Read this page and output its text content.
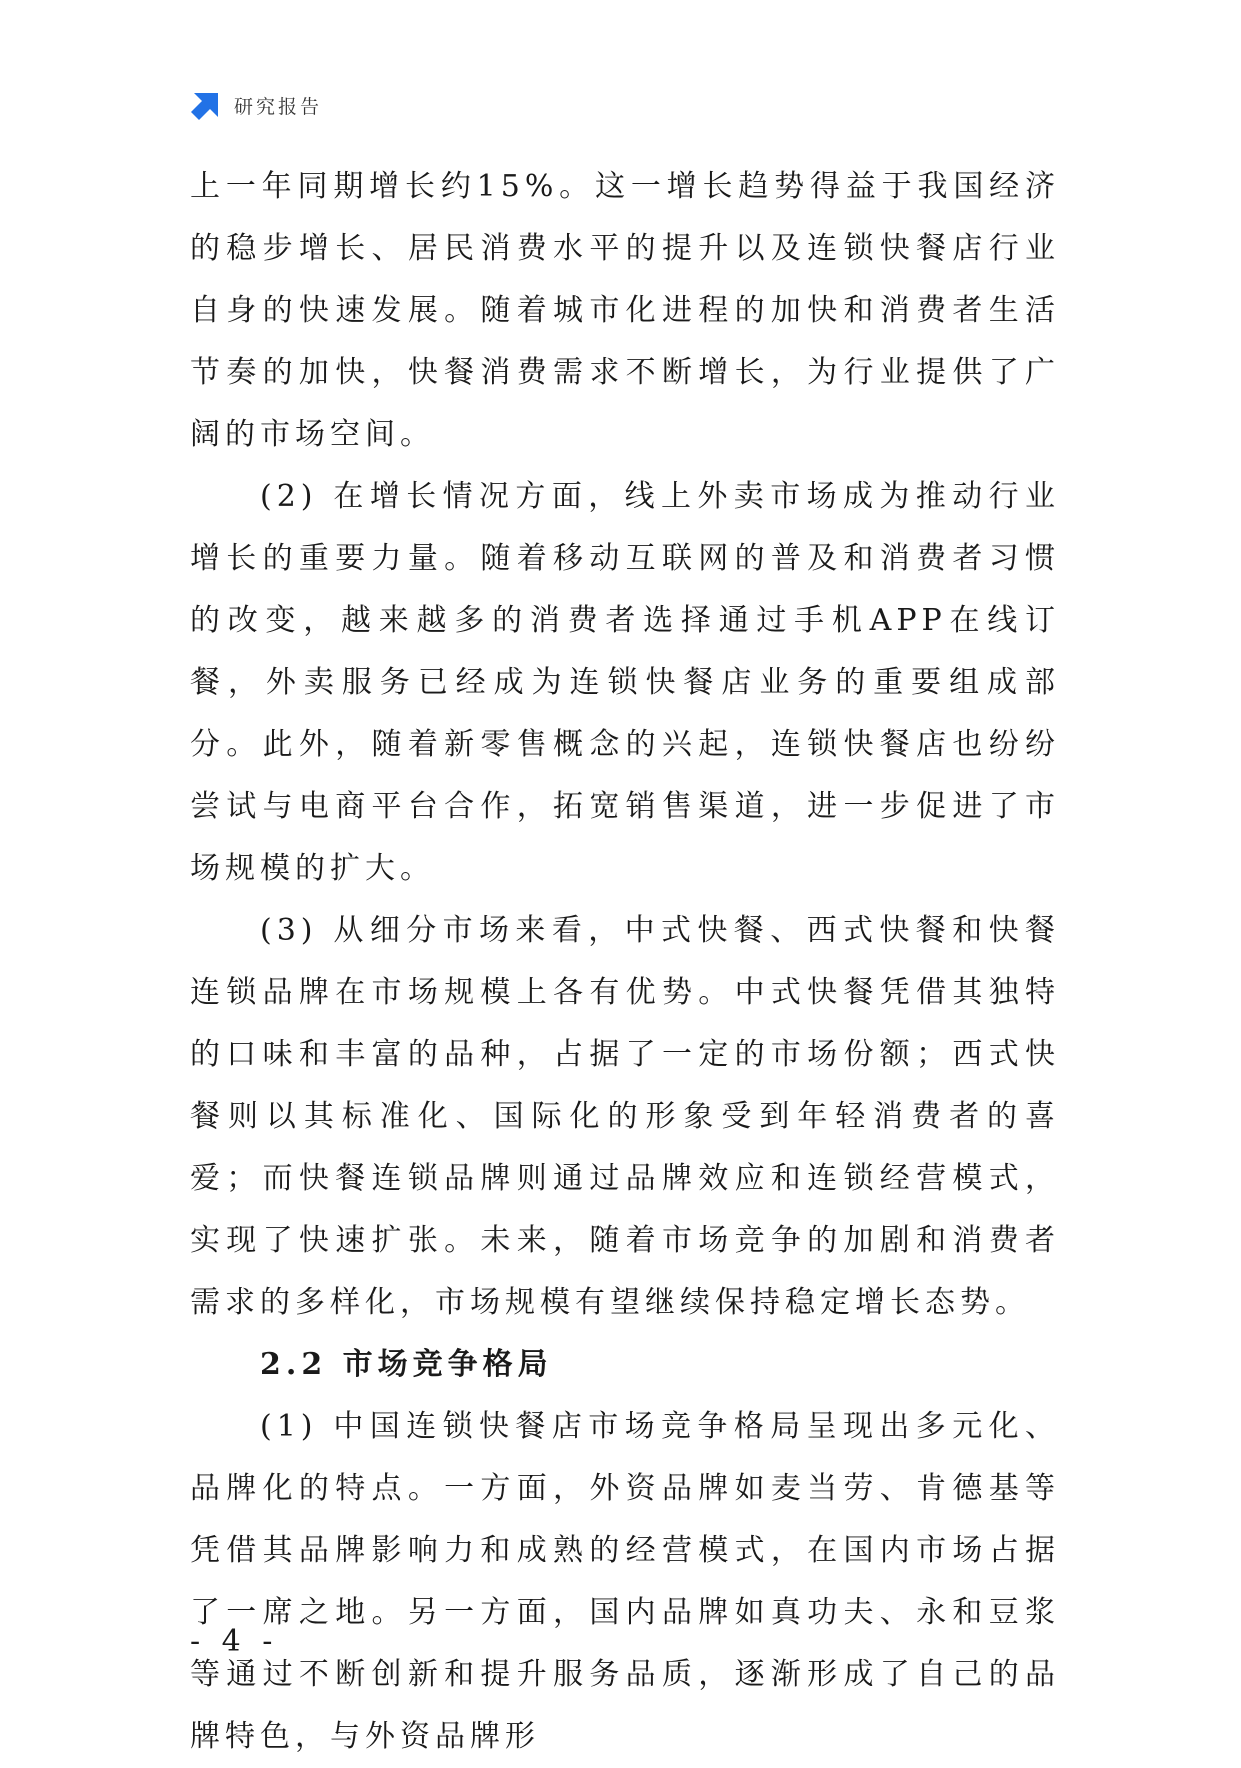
研究报告

上一年同期增长约15%。这一增长趋势得益于我国经济的稳步增长、居民消费水平的提升以及连锁快餐店行业自身的快速发展。随着城市化进程的加快和消费者生活节奏的加快，快餐消费需求不断增长，为行业提供了广阔的市场空间。

(2) 在增长情况方面，线上外卖市场成为推动行业增长的重要力量。随着移动互联网的普及和消费者习惯的改变，越来越多的消费者选择通过手机APP在线订餐，外卖服务已经成为连锁快餐店业务的重要组成部分。此外，随着新零售概念的兴起，连锁快餐店也纷纷尝试与电商平台合作，拓宽销售渠道，进一步促进了市场规模的扩大。

(3) 从细分市场来看，中式快餐、西式快餐和快餐连锁品牌在市场规模上各有优势。中式快餐凭借其独特的口味和丰富的品种，占据了一定的市场份额；西式快餐则以其标准化、国际化的形象受到年轻消费者的喜爱；而快餐连锁品牌则通过品牌效应和连锁经营模式，实现了快速扩张。未来，随着市场竞争的加剧和消费者需求的多样化，市场规模有望继续保持稳定增长态势。

2.2 市场竞争格局

(1) 中国连锁快餐店市场竞争格局呈现出多元化、品牌化的特点。一方面，外资品牌如麦当劳、肯德基等凭借其品牌影响力和成熟的经营模式，在国内市场占据了一席之地。另一方面，国内品牌如真功夫、永和豆浆等通过不断创新和提升服务品质，逐渐形成了自己的品牌特色，与外资品牌形

- 4 -
